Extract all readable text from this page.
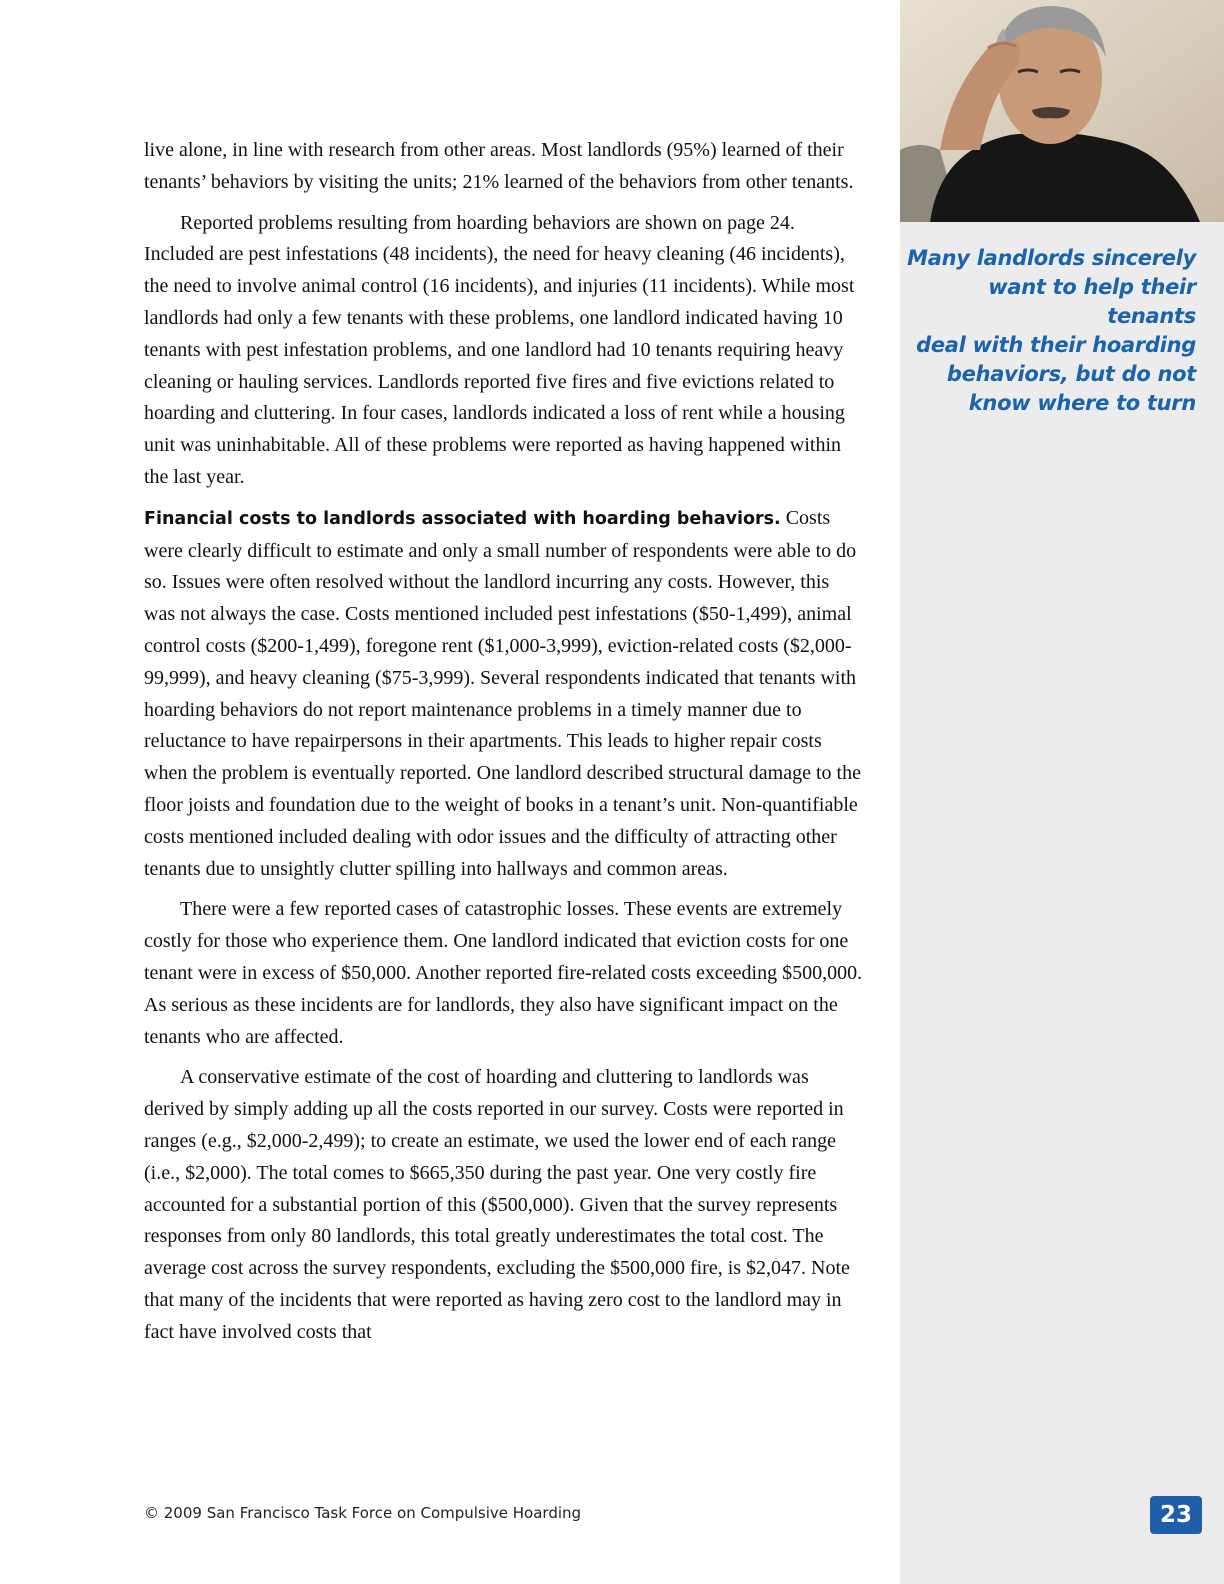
Many landlords sincerely
want to help their tenants
deal with their hoarding
behaviors, but do not
know where to turn
23

live alone, in line with research from other areas. Most landlords (95%) learned of their tenants’ behaviors by visiting the units; 21% learned of the behaviors from other tenants.

Reported problems resulting from hoarding behaviors are shown on page 24. Included are pest infestations (48 incidents), the need for heavy cleaning (46 incidents), the need to involve animal control (16 incidents), and injuries (11 incidents). While most landlords had only a few tenants with these problems, one landlord indicated having 10 tenants with pest infestation problems, and one landlord had 10 tenants requiring heavy cleaning or hauling services. Landlords reported five fires and five evictions related to hoarding and cluttering. In four cases, landlords indicated a loss of rent while a housing unit was uninhabitable. All of these problems were reported as having happened within the last year.

Financial costs to landlords associated with hoarding behaviors. Costs were clearly difficult to estimate and only a small number of respondents were able to do so. Issues were often resolved without the landlord incurring any costs. However, this was not always the case. Costs mentioned included pest infestations ($50-1,499), animal control costs ($200-1,499), foregone rent ($1,000-3,999), eviction-related costs ($2,000-99,999), and heavy cleaning ($75-3,999). Several respondents indicated that tenants with hoarding behaviors do not report maintenance problems in a timely manner due to reluctance to have repairpersons in their apartments. This leads to higher repair costs when the problem is eventually reported. One landlord described structural damage to the floor joists and foundation due to the weight of books in a tenant’s unit. Non-quantifiable costs mentioned included dealing with odor issues and the difficulty of attracting other tenants due to unsightly clutter spilling into hallways and common areas.

There were a few reported cases of catastrophic losses. These events are extremely costly for those who experience them. One landlord indicated that eviction costs for one tenant were in excess of $50,000. Another reported fire-related costs exceeding $500,000. As serious as these incidents are for landlords, they also have significant impact on the tenants who are affected.

A conservative estimate of the cost of hoarding and cluttering to landlords was derived by simply adding up all the costs reported in our survey. Costs were reported in ranges (e.g., $2,000-2,499); to create an estimate, we used the lower end of each range (i.e., $2,000). The total comes to $665,350 during the past year. One very costly fire accounted for a substantial portion of this ($500,000). Given that the survey represents responses from only 80 landlords, this total greatly underestimates the total cost. The average cost across the survey respondents, excluding the $500,000 fire, is $2,047. Note that many of the incidents that were reported as having zero cost to the landlord may in fact have involved costs that

© 2009 San Francisco Task Force on Compulsive Hoarding
